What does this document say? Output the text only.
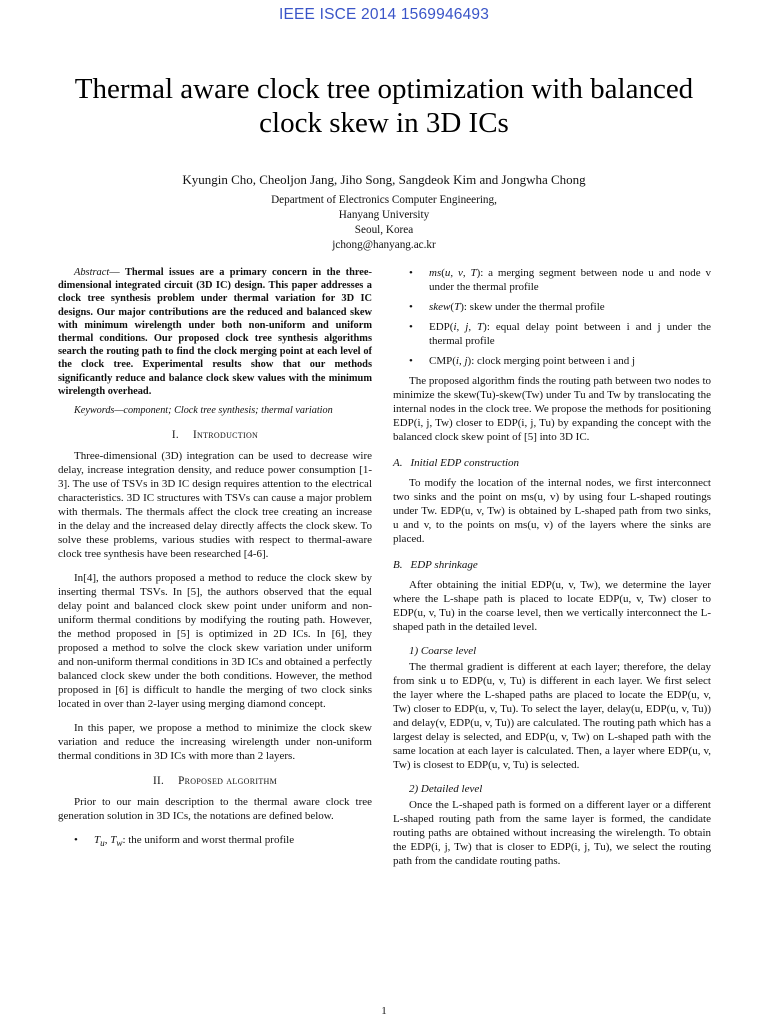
IEEE ISCE 2014 1569946493
Thermal aware clock tree optimization with balanced
clock skew in 3D ICs
Kyungin Cho, Cheoljon Jang, Jiho Song, Sangdeok Kim and Jongwha Chong
Department of Electronics Computer Engineering,
Hanyang University
Seoul, Korea
jchong@hanyang.ac.kr

Abstract— Thermal issues are a primary concern in the three-dimensional integrated circuit (3D IC) design. This paper addresses a clock tree synthesis problem under thermal variation for 3D IC designs. Our major contributions are the reduced and balanced skew with minimum wirelength under both non-uniform and uniform thermal conditions. Our proposed clock tree synthesis algorithms search the routing path to find the clock merging point at each level of the clock tree. Experimental results show that our methods significantly reduce and balance clock skew values with the minimum wirelength overhead.

Keywords—component; Clock tree synthesis; thermal variation

I. Introduction

Three-dimensional (3D) integration can be used to decrease wire delay, increase integration density, and reduce power consumption [1-3]. The use of TSVs in 3D IC design requires attention to the electrical characteristics. 3D IC structures with TSVs can cause a major problem with thermals. The thermals affect the clock tree creating an increase in the delay and the increased delay directly affects the clock skew. To solve these problems, various studies with respect to thermal-aware clock tree synthesis have been researched [4-6].

In[4], the authors proposed a method to reduce the clock skew by inserting thermal TSVs. In [5], the authors observed that the equal delay point and balanced clock skew point under uniform and non-uniform thermal conditions by modifying the routing path. However, the method proposed in [5] is optimized in 2D ICs. In [6], they proposed a method to solve the clock skew variation under uniform and non-uniform thermal conditions in 3D ICs and obtained a perfectly balanced clock skew under the both conditions. However, the method proposed in [6] is difficult to handle the merging of two clock sinks located in over than 2-layer using merging diamond concept.

In this paper, we propose a method to minimize the clock skew variation and reduce the increasing wirelength under non-uniform thermal conditions in 3D ICs with more than 2 layers.

II. Proposed algorithm

Prior to our main description to the thermal aware clock tree generation solution in 3D ICs, the notations are defined below.

• $T_u$, $T_w$: the uniform and worst thermal profile
• ms(u, v, T): a merging segment between node u and node v under the thermal profile
• skew(T): skew under the thermal profile
• EDP(i, j, T): equal delay point between i and j under the thermal profile
• CMP(i, j): clock merging point between i and j

The proposed algorithm finds the routing path between two nodes to minimize the skew(Tu)-skew(Tw) under Tu and Tw by translocating the internal nodes in the clock tree. We propose the methods for positioning EDP(i, j, Tw) closer to EDP(i, j, Tu) by expanding the concept with the balanced clock skew point of [5] into 3D IC.

A. Initial EDP construction

To modify the location of the internal nodes, we first interconnect two sinks and the point on ms(u, v) by using four L-shaped routings under Tw. EDP(u, v, Tw) is obtained by L-shaped path from two sinks, u and v, to the points on ms(u, v) of the layers where the sinks are placed.

B. EDP shrinkage

After obtaining the initial EDP(u, v, Tw), we determine the layer where the L-shape path is placed to locate EDP(u, v, Tw) closer to EDP(u, v, Tu) in the coarse level, then we vertically interconnect the L-shaped path in the detailed level.

1) Coarse level

The thermal gradient is different at each layer; therefore, the delay from sink u to EDP(u, v, Tu) is different in each layer. We first select the layer where the L-shaped paths are placed to locate the EDP(u, v, Tw) closer to EDP(u, v, Tu). To select the layer, delay(u, EDP(u, v, Tu)) and delay(v, EDP(u, v, Tu)) are calculated. The routing path which has a largest delay is selected, and EDP(u, v, Tw) on L-shaped path with the same location at each layer is calculated. Then, a layer where EDP(u, v, Tw) is closest to EDP(u, v, Tu) is selected.

2) Detailed level

Once the L-shaped path is formed on a different layer or a different L-shaped routing path from the same layer is formed, the candidate routing paths are obtained without increasing the wirelength. To obtain the EDP(i, j, Tw) that is closer to EDP(i, j, Tu), we select the routing path from the candidate routing paths.

1
